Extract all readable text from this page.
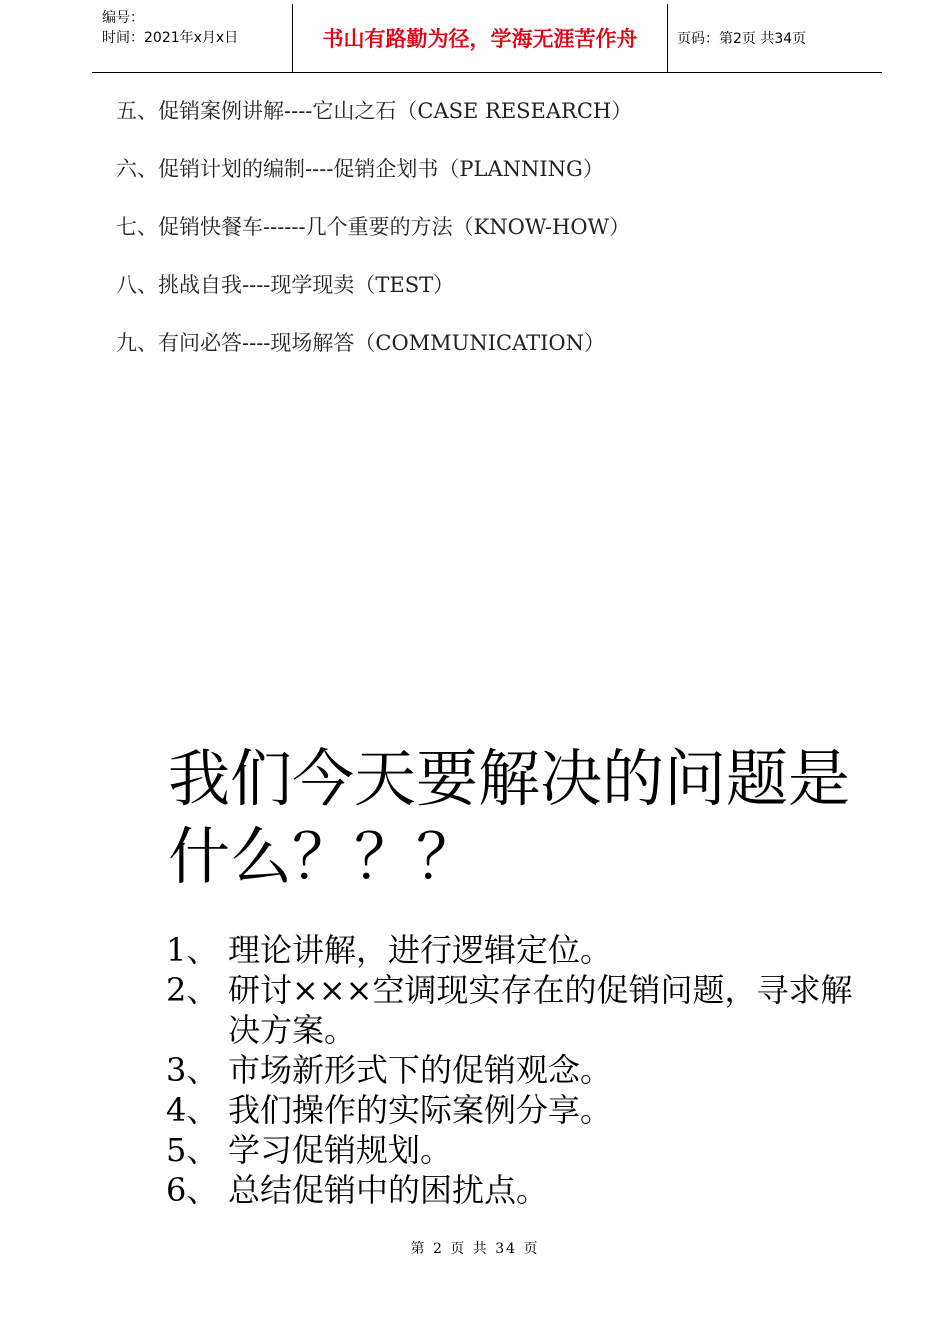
编号：
时间：2021年x月x日	书山有路勤为径，学海无涯苦作舟	页码：第2页 共34页
五、促销案例讲解----它山之石（CASE RESEARCH）
六、促销计划的编制----促销企划书（PLANNING）
七、促销快餐车------几个重要的方法（KNOW-HOW）
八、挑战自我----现学现卖（TEST）
九、有问必答----现场解答（COMMUNICATION）
我们今天要解决的问题是什么？？？
1、 理论讲解，进行逻辑定位。
2、 研讨×××空调现实存在的促销问题，寻求解决方案。
3、 市场新形式下的促销观念。
4、 我们操作的实际案例分享。
5、 学习促销规划。
6、 总结促销中的困扰点。
第 2 页 共 34 页
